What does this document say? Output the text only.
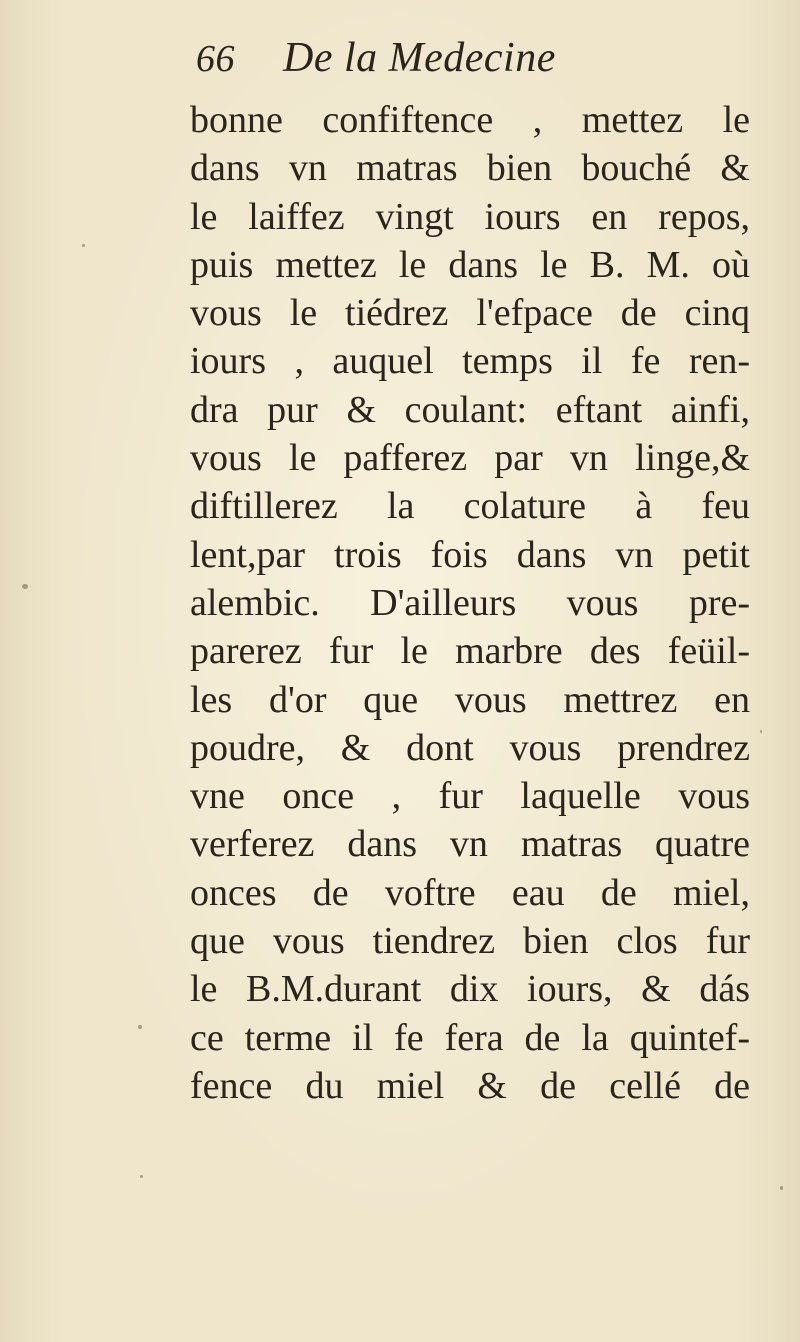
66 De la Medecine
bonne confiftence , mettez le
dans vn matras bien bouché &
le laiffez vingt iours en repos,
puis mettez le dans le B. M. où
vous le tiédrez l'efpace de cinq
iours , auquel temps il fe ren-
dra pur & coulant: eftant ainfi,
vous le pafferez par vn linge,&
diftillerez la colature à feu
lent,par trois fois dans vn petit
alembic. D'ailleurs vous pre-
parerez fur le marbre des feüil-
les d'or que vous mettrez en
poudre, & dont vous prendrez
vne once , fur laquelle vous
verferez dans vn matras quatre
onces de voftre eau de miel,
que vous tiendrez bien clos fur
le B.M.durant dix iours, & dás
ce terme il fe fera de la quintef-
fence du miel & de cellé de
